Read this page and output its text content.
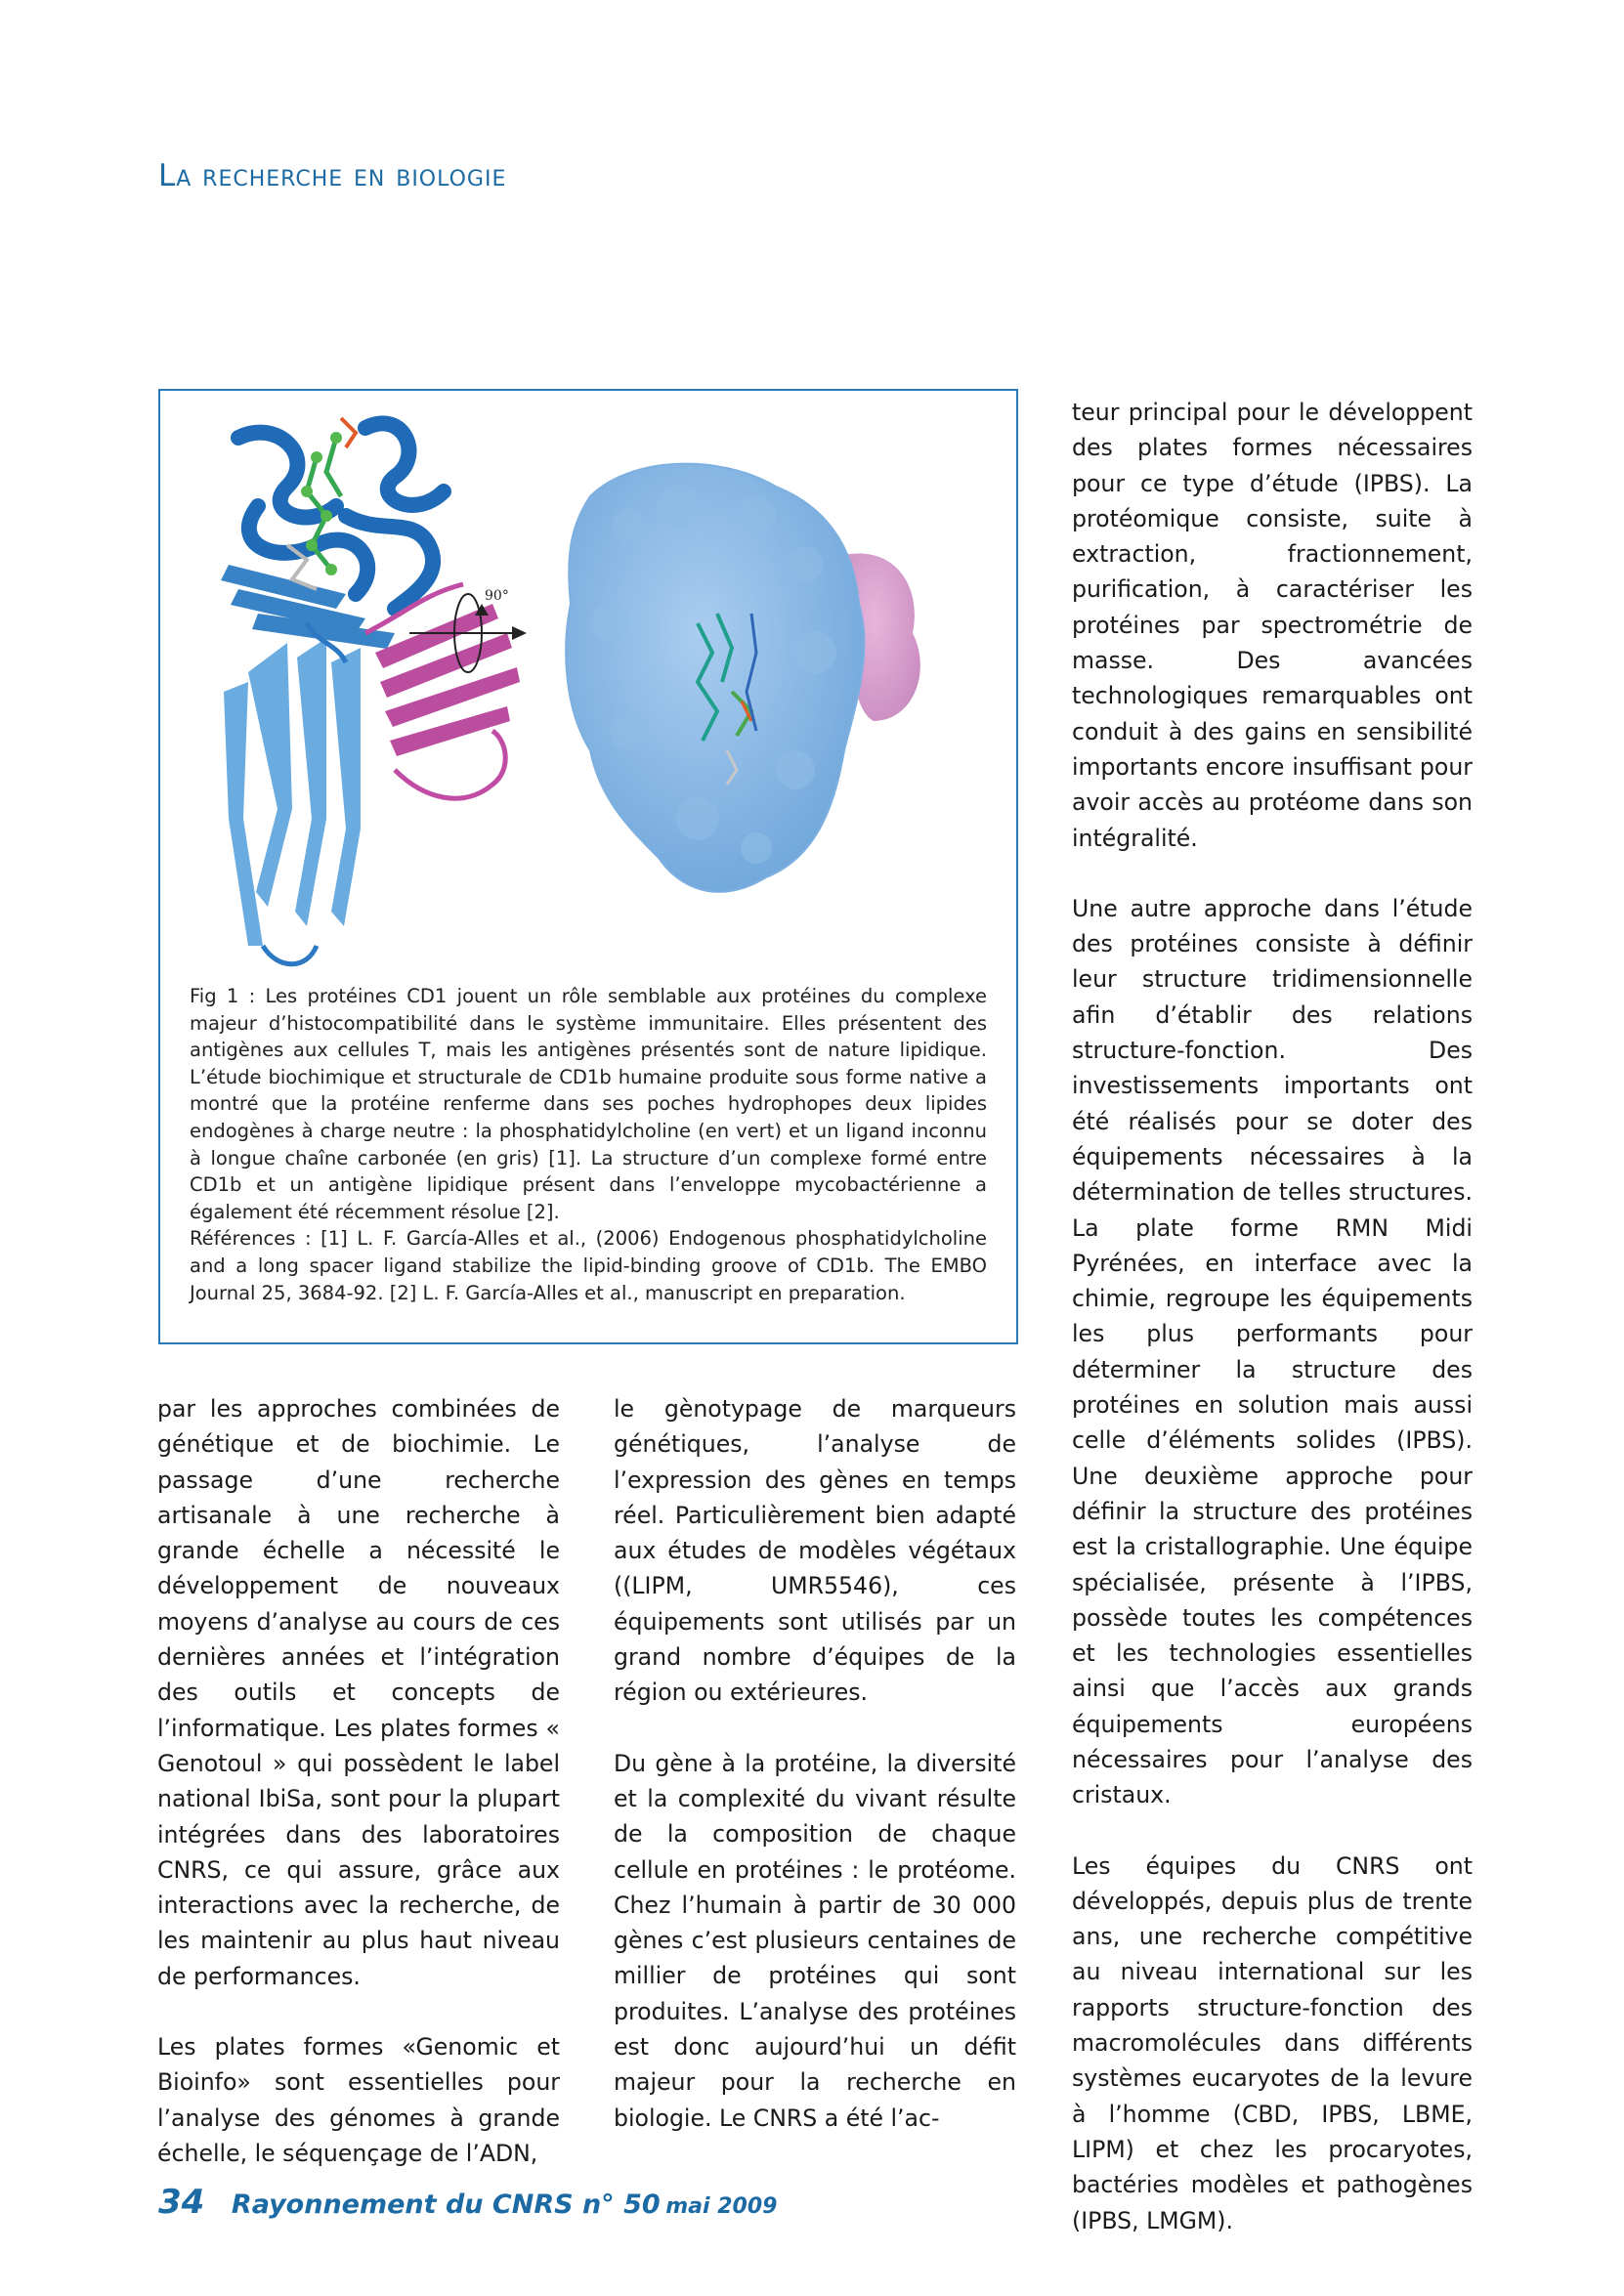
La recherche en biologie
90°

Fig 1 : Les protéines CD1 jouent un rôle semblable aux protéines du complexe majeur d’histocompatibilité dans le système immunitaire. Elles présentent des antigènes aux cellules T, mais les antigènes présentés sont de nature lipidique. L’étude biochimique et structurale de CD1b humaine produite sous forme native a montré que la protéine renferme dans ses poches hydrophopes deux lipides endogènes à charge neutre : la phosphatidylcholine (en vert) et un ligand inconnu à longue chaîne carbonée (en gris) [1]. La structure d’un complexe formé entre CD1b et un antigène lipidique présent dans l’enveloppe mycobactérienne a également été récemment résolue [2].

Références : [1] L. F. García-Alles et al., (2006) Endogenous phosphatidylcholine and a long spacer ligand stabilize the lipid-binding groove of CD1b. The EMBO Journal 25, 3684-92. [2] L. F. García-Alles et al., manuscript en preparation.

par les approches combinées de génétique et de biochimie. Le passage d’une recherche artisanale à une recherche à grande échelle a nécessité le développement de nouveaux moyens d’analyse au cours de ces dernières années et l’intégration des outils et concepts de l’informatique. Les plates formes « Genotoul » qui possèdent le label national IbiSa, sont pour la plupart intégrées dans des laboratoires CNRS, ce qui assure, grâce aux interactions avec la recherche, de les maintenir au plus haut niveau de performances.

Les plates formes «Genomic et Bioinfo» sont essentielles pour l’analyse des génomes à grande échelle, le séquençage de l’ADN,

le gènotypage de marqueurs génétiques, l’analyse de l’expression des gènes en temps réel. Particulièrement bien adapté aux études de modèles végétaux ((LIPM, UMR5546), ces équipements sont utilisés par un grand nombre d’équipes de la région ou extérieures.

Du gène à la protéine, la diversité et la complexité du vivant résulte de la composition de chaque cellule en protéines : le protéome. Chez l’humain à partir de 30 000 gènes c’est plusieurs centaines de millier de protéines qui sont produites. L’analyse des protéines est donc aujourd’hui un défit majeur pour la recherche en biologie. Le CNRS a été l’ac-

teur principal pour le développent des plates formes nécessaires pour ce type d’étude (IPBS). La protéomique consiste, suite à extraction, fractionnement, purification, à caractériser les protéines par spectrométrie de masse. Des avancées technologiques remarquables ont conduit à des gains en sensibilité importants encore insuffisant pour avoir accès au protéome dans son intégralité.

Une autre approche dans l’étude des protéines consiste à définir leur structure tridimensionnelle afin d’établir des relations structure-fonction. Des investissements importants ont été réalisés pour se doter des équipements nécessaires à la détermination de telles structures. La plate forme RMN Midi Pyrénées, en interface avec la chimie, regroupe les équipements les plus performants pour déterminer la structure des protéines en solution mais aussi celle d’éléments solides (IPBS). Une deuxième approche pour définir la structure des protéines est la cristallographie. Une équipe spécialisée, présente à l’IPBS, possède toutes les compétences et les technologies essentielles ainsi que l’accès aux grands équipements européens nécessaires pour l’analyse des cristaux.

Les équipes du CNRS ont développés, depuis plus de trente ans, une recherche compétitive au niveau international sur les rapports structure-fonction des macromolécules dans différents systèmes eucaryotes de la levure à l’homme (CBD, IPBS, LBME, LIPM) et chez les procaryotes, bactéries modèles et pathogènes (IPBS, LMGM).

34 Rayonnement du CNRS n° 50 mai 2009
